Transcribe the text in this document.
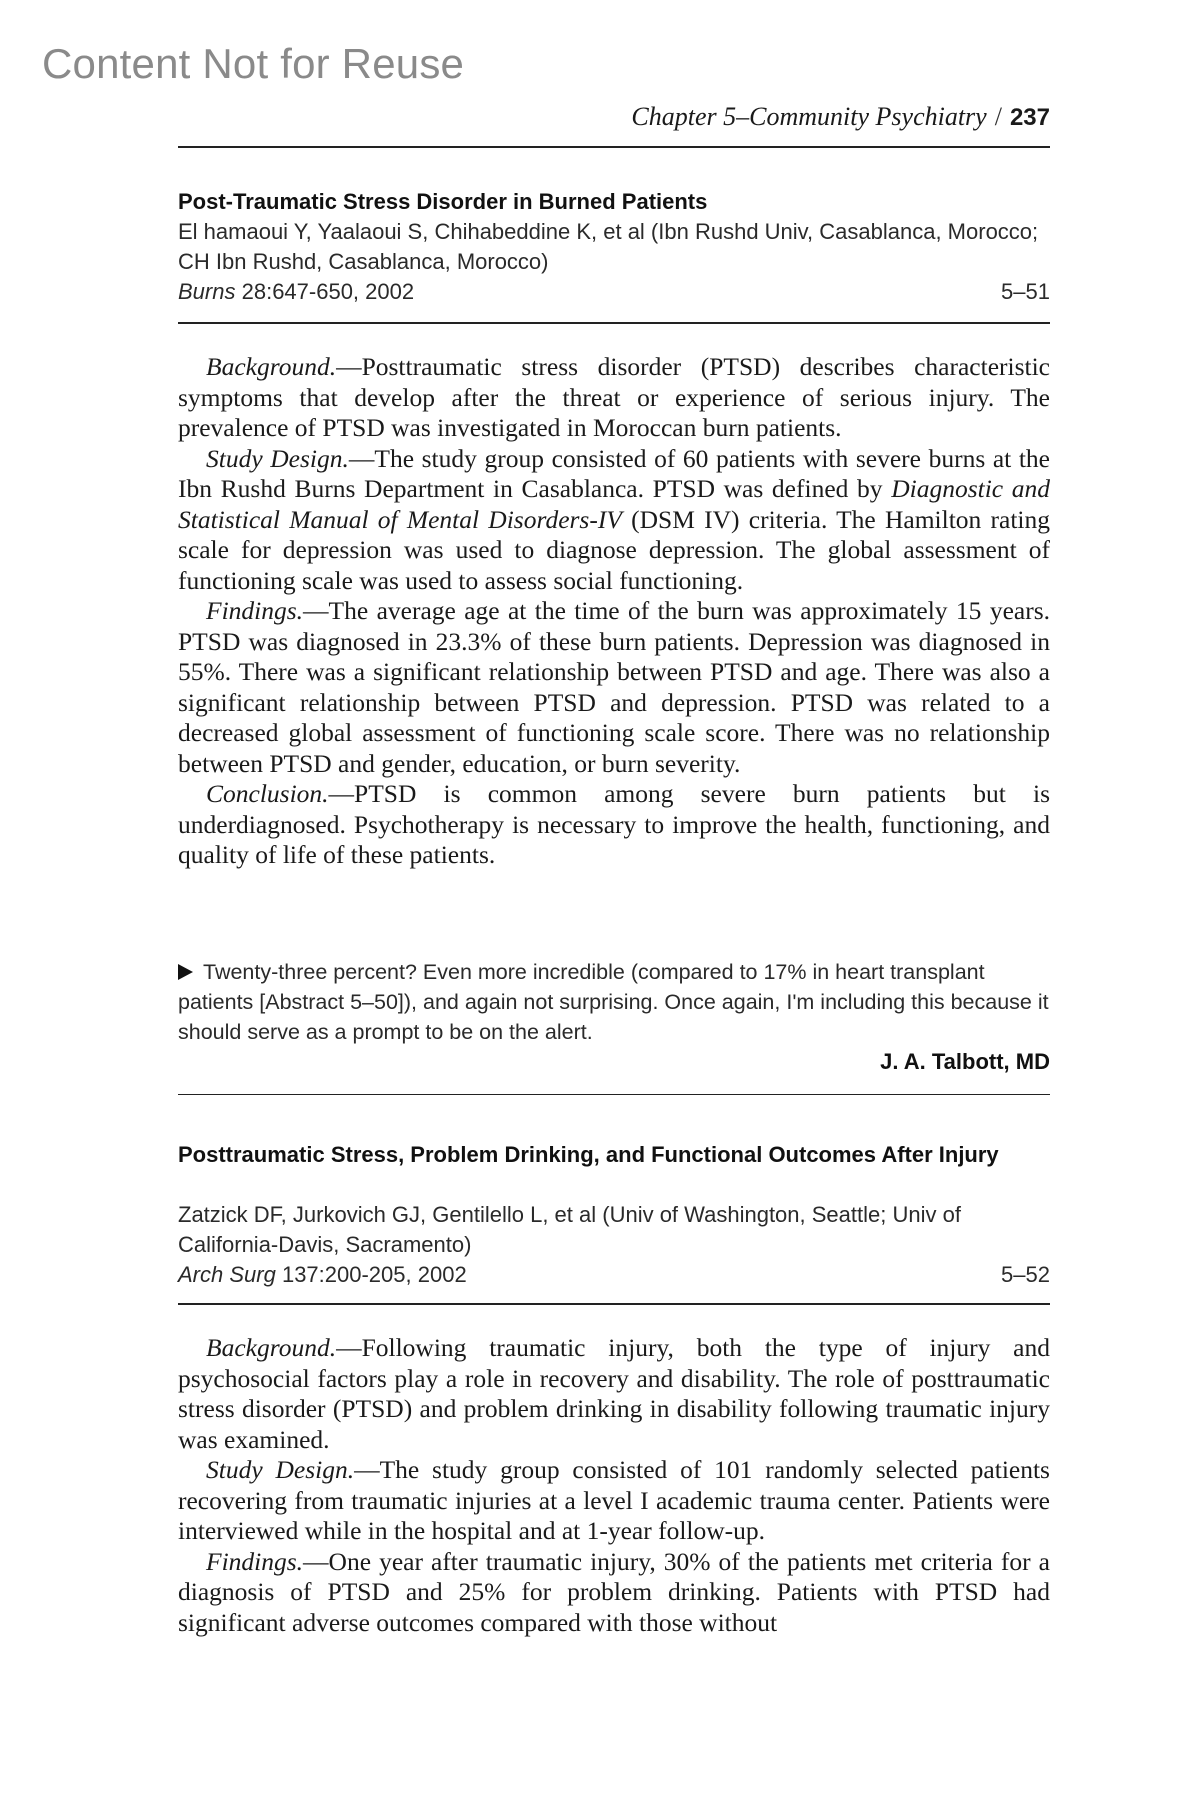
Content Not for Reuse
Chapter 5–Community Psychiatry / 237
Post-Traumatic Stress Disorder in Burned Patients
El hamaoui Y, Yaalaoui S, Chihabeddine K, et al (Ibn Rushd Univ, Casablanca, Morocco; CH Ibn Rushd, Casablanca, Morocco)
Burns 28:647-650, 2002	5–51

Background.—Posttraumatic stress disorder (PTSD) describes characteristic symptoms that develop after the threat or experience of serious injury. The prevalence of PTSD was investigated in Moroccan burn patients.

Study Design.—The study group consisted of 60 patients with severe burns at the Ibn Rushd Burns Department in Casablanca. PTSD was defined by Diagnostic and Statistical Manual of Mental Disorders-IV (DSM IV) criteria. The Hamilton rating scale for depression was used to diagnose depression. The global assessment of functioning scale was used to assess social functioning.

Findings.—The average age at the time of the burn was approximately 15 years. PTSD was diagnosed in 23.3% of these burn patients. Depression was diagnosed in 55%. There was a significant relationship between PTSD and age. There was also a significant relationship between PTSD and depression. PTSD was related to a decreased global assessment of functioning scale score. There was no relationship between PTSD and gender, education, or burn severity.

Conclusion.—PTSD is common among severe burn patients but is underdiagnosed. Psychotherapy is necessary to improve the health, functioning, and quality of life of these patients.

Twenty-three percent? Even more incredible (compared to 17% in heart transplant patients [Abstract 5–50]), and again not surprising. Once again, I'm including this because it should serve as a prompt to be on the alert.
J. A. Talbott, MD
Posttraumatic Stress, Problem Drinking, and Functional Outcomes After Injury
Zatzick DF, Jurkovich GJ, Gentilello L, et al (Univ of Washington, Seattle; Univ of California-Davis, Sacramento)
Arch Surg 137:200-205, 2002	5–52

Background.—Following traumatic injury, both the type of injury and psychosocial factors play a role in recovery and disability. The role of posttraumatic stress disorder (PTSD) and problem drinking in disability following traumatic injury was examined.

Study Design.—The study group consisted of 101 randomly selected patients recovering from traumatic injuries at a level I academic trauma center. Patients were interviewed while in the hospital and at 1-year follow-up.

Findings.—One year after traumatic injury, 30% of the patients met criteria for a diagnosis of PTSD and 25% for problem drinking. Patients with PTSD had significant adverse outcomes compared with those without
